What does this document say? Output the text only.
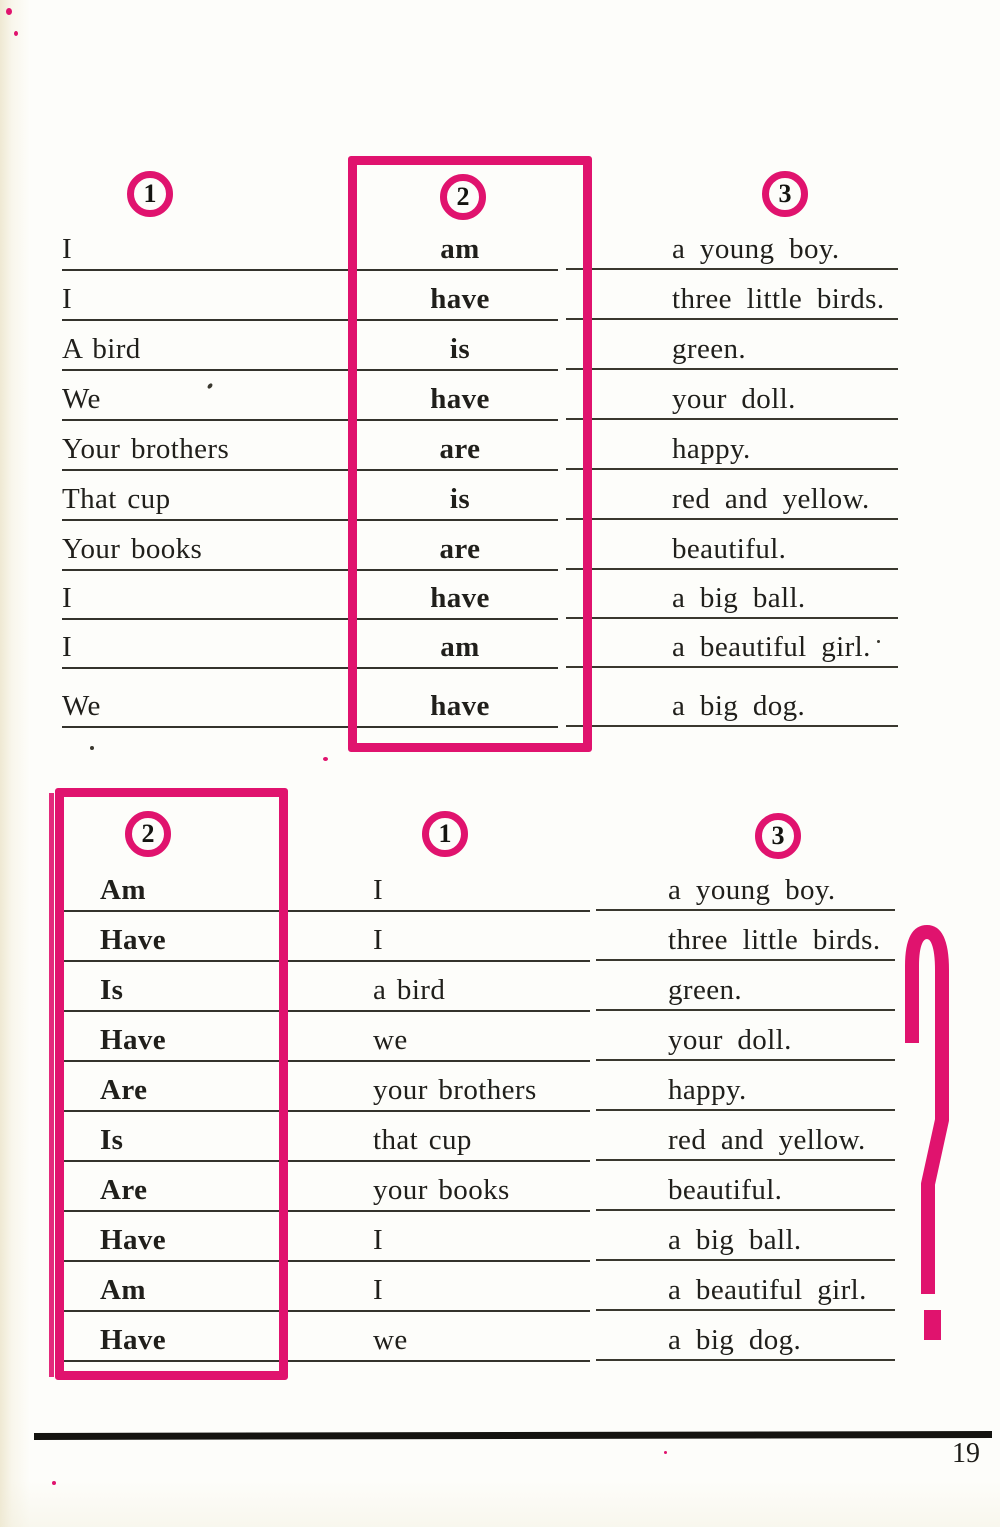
1	2	3
2	1	3
I	am	a young boy.
I	have	three little birds.
A bird	is	green.
We	have	your doll.
Your brothers	are	happy.
That cup	is	red and yellow.
Your books	are	beautiful.
I	have	a big ball.
I	am	a beautiful girl.
We	have	a big dog.
Am	I	a young boy.
Have	I	three little birds.
Is	a bird	green.
Have	we	your doll.
Are	your brothers	happy.
Is	that cup	red and yellow.
Are	your books	beautiful.
Have	I	a big ball.
Am	I	a beautiful girl.
Have	we	a big dog.
19
